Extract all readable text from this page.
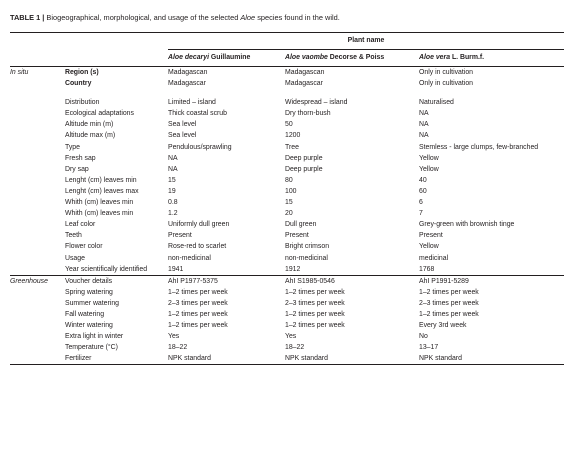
TABLE 1 | Biogeographical, morphological, and usage of the selected Aloe species found in the wild.
		Plant name		

		Aloe decaryi Guillaumine	Aloe vaombe Decorse & Poiss	Aloe vera L. Burm.f.
In situ	Region (s)	Madagascan	Madagascan	Only in cultivation
	Country	Madagascar	Madagascar	Only in cultivation

	Distribution	Limited – island	Widespread – island	Naturalised
	Ecological adaptations	Thick coastal scrub	Dry thorn-bush	NA
	Altitude min (m)	Sea level	50	NA
	Altitude max (m)	Sea level	1200	NA
	Type	Pendulous/sprawling	Tree	Stemless - large clumps, few-branched
	Fresh sap	NA	Deep purple	Yellow
	Dry sap	NA	Deep purple	Yellow
	Lenght (cm) leaves min	15	80	40
	Lenght (cm) leaves max	19	100	60
	Whith (cm) leaves min	0.8	15	6
	Whith (cm) leaves min	1.2	20	7
	Leaf color	Uniformly dull green	Dull green	Grey-green with brownish tinge
	Teeth	Present	Present	Present
	Flower color	Rose-red to scarlet	Bright crimson	Yellow
	Usage	non-medicinal	non-medicinal	medicinal
	Year scientifically identified	1941	1912	1768
Greenhouse	Voucher details	AhI P1977-5375	AhI S1985-0546	AhI P1991-5289
	Spring watering	1–2 times per week	1–2 times per week	1–2 times per week
	Summer watering	2–3 times per week	2–3 times per week	2–3 times per week
	Fall watering	1–2 times per week	1–2 times per week	1–2 times per week
	Winter watering	1–2 times per week	1–2 times per week	Every 3rd week
	Extra light in winter	Yes	Yes	No
	Temperature (°C)	18–22	18–22	13–17
	Fertilizer	NPK standard	NPK standard	NPK standard
